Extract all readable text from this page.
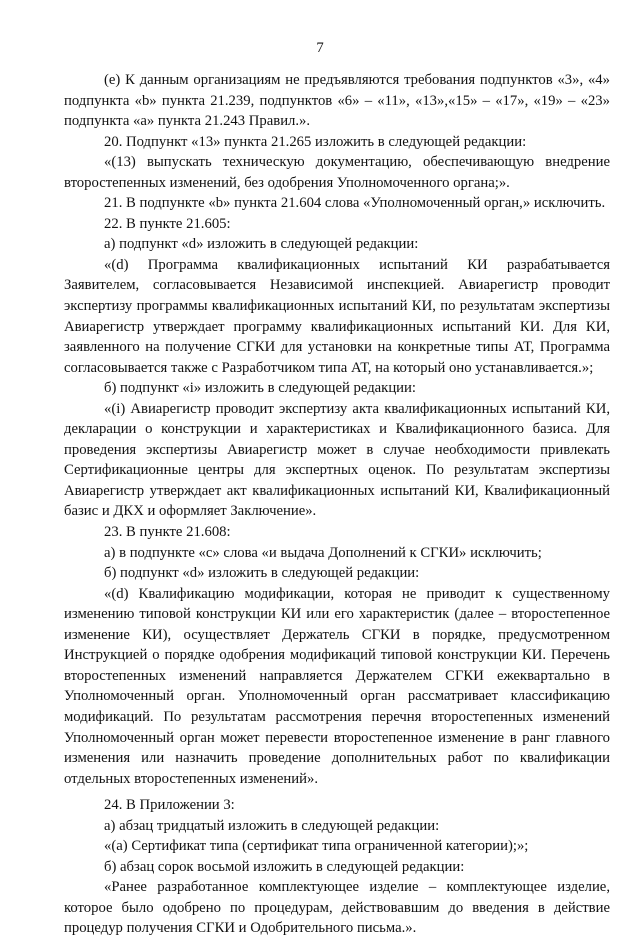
7

(е) К данным организациям не предъявляются требования подпунктов «3», «4» подпункта «b» пункта 21.239, подпунктов «6» – «11», «13»,«15» – «17», «19» – «23» подпункта «а» пункта 21.243 Правил.».

20. Подпункт «13» пункта 21.265 изложить в следующей редакции:

«(13) выпускать техническую документацию, обеспечивающую внедрение второстепенных изменений, без одобрения Уполномоченного органа;».

21. В подпункте «b» пункта 21.604 слова «Уполномоченный орган,» исключить.

22. В пункте 21.605:

а) подпункт «d» изложить в следующей редакции:

«(d) Программа квалификационных испытаний КИ разрабатывается Заявителем, согласовывается Независимой инспекцией. Авиарегистр проводит экспертизу программы квалификационных испытаний КИ, по результатам экспертизы Авиарегистр утверждает программу квалификационных испытаний КИ. Для КИ, заявленного на получение СГКИ для установки на конкретные типы АТ, Программа согласовывается также с Разработчиком типа АТ, на который оно устанавливается.»;

б) подпункт «i» изложить в следующей редакции:

«(i) Авиарегистр проводит экспертизу акта квалификационных испытаний КИ, декларации о конструкции и характеристиках и Квалификационного базиса. Для проведения экспертизы Авиарегистр может в случае необходимости привлекать Сертификационные центры для экспертных оценок. По результатам экспертизы Авиарегистр утверждает акт квалификационных испытаний КИ, Квалификационный базис и ДКХ и оформляет Заключение».

23. В пункте 21.608:

а) в подпункте «с» слова «и выдача Дополнений к СГКИ» исключить;

б) подпункт «d» изложить в следующей редакции:

«(d) Квалификацию модификации, которая не приводит к существенному изменению типовой конструкции КИ или его характеристик (далее – второстепенное изменение КИ), осуществляет Держатель СГКИ в порядке, предусмотренном Инструкцией о порядке одобрения модификаций типовой конструкции КИ. Перечень второстепенных изменений направляется Держателем СГКИ ежеквартально в Уполномоченный орган. Уполномоченный орган рассматривает классификацию модификаций. По результатам рассмотрения перечня второстепенных изменений Уполномоченный орган может перевести второстепенное изменение в ранг главного изменения или назначить проведение дополнительных работ по квалификации отдельных второстепенных изменений».

24. В Приложении 3:

а) абзац тридцатый изложить в следующей редакции:

«(а) Сертификат типа (сертификат типа ограниченной категории);»;

б) абзац сорок восьмой изложить в следующей редакции:

«Ранее разработанное комплектующее изделие – комплектующее изделие, которое было одобрено по процедурам, действовавшим до введения в действие процедур получения СГКИ и Одобрительного письма.».
